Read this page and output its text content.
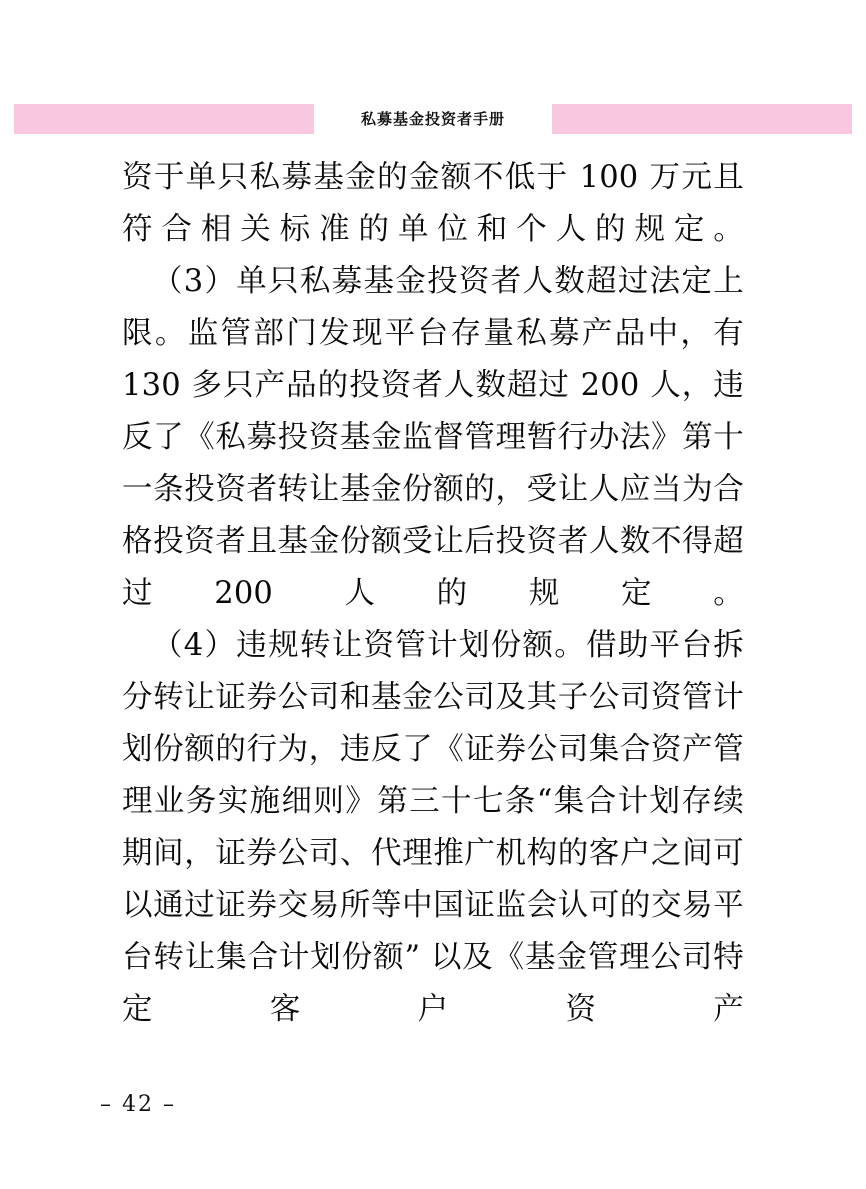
私募基金投资者手册

资于单只私募基金的金额不低于 100 万元且符合相关标准的单位和个人的规定。

（3）单只私募基金投资者人数超过法定上限。监管部门发现平台存量私募产品中，有 130 多只产品的投资者人数超过 200 人，违反了《私募投资基金监督管理暂行办法》第十一条投资者转让基金份额的，受让人应当为合格投资者且基金份额受让后投资者人数不得超过200 人的规定。

（4）违规转让资管计划份额。借助平台拆分转让证券公司和基金公司及其子公司资管计划份额的行为，违反了《证券公司集合资产管理业务实施细则》第三十七条“集合计划存续期间，证券公司、代理推广机构的客户之间可以通过证券交易所等中国证监会认可的交易平台转让集合计划份额” 以及《基金管理公司特定客户资产

– 42 –
